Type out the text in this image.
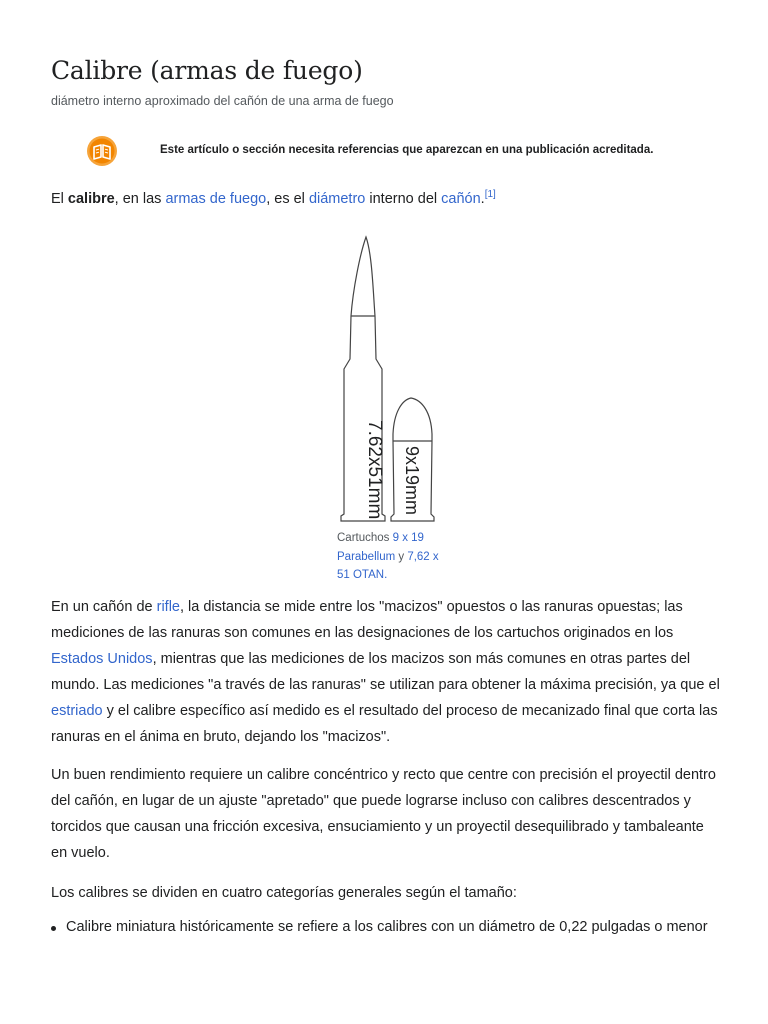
Calibre (armas de fuego)
diámetro interno aproximado del cañón de una arma de fuego
Este artículo o sección necesita referencias que aparezcan en una publicación acreditada.

El calibre, en las armas de fuego, es el diámetro interno del cañón.[1]

7.62x51mm 9x19mm
Cartuchos 9 x 19 Parabellum y 7,62 x 51 OTAN.

En un cañón de rifle, la distancia se mide entre los "macizos" opuestos o las ranuras opuestas; las mediciones de las ranuras son comunes en las designaciones de los cartuchos originados en los Estados Unidos, mientras que las mediciones de los macizos son más comunes en otras partes del mundo. Las mediciones "a través de las ranuras" se utilizan para obtener la máxima precisión, ya que el estriado y el calibre específico así medido es el resultado del proceso de mecanizado final que corta las ranuras en el ánima en bruto, dejando los "macizos".

Un buen rendimiento requiere un calibre concéntrico y recto que centre con precisión el proyectil dentro del cañón, en lugar de un ajuste "apretado" que puede lograrse incluso con calibres descentrados y torcidos que causan una fricción excesiva, ensuciamiento y un proyectil desequilibrado y tambaleante en vuelo.

Los calibres se dividen en cuatro categorías generales según el tamaño:

Calibre miniatura históricamente se refiere a los calibres con un diámetro de 0,22 pulgadas o menor
